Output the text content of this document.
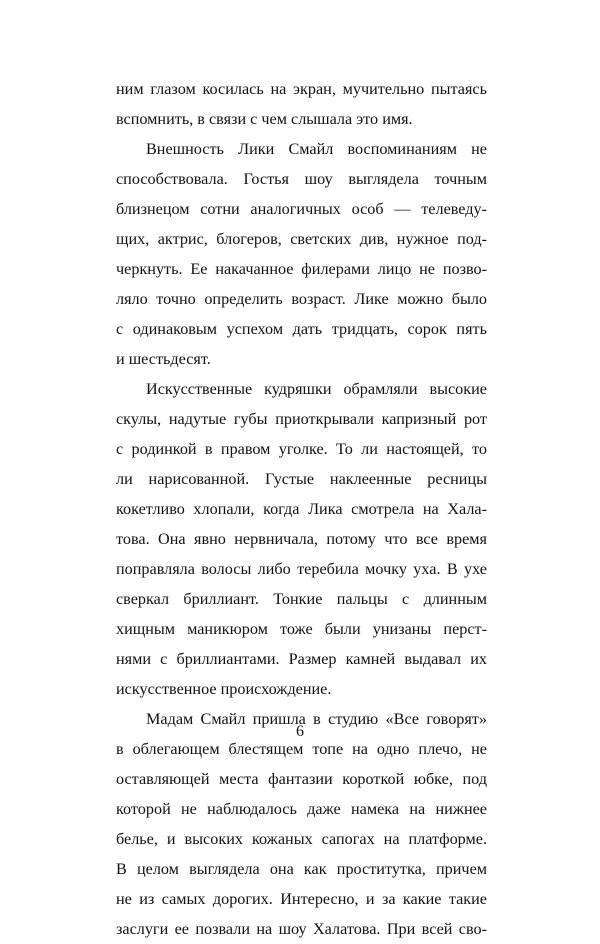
ним глазом косилась на экран, мучительно пытаясь
вспомнить, в связи с чем слышала это имя.
Внешность Лики Смайл воспоминаниям не
способствовала. Гостья шоу выглядела точным
близнецом сотни аналогичных особ — телеведу-
щих, актрис, блогеров, светских див, нужное под-
черкнуть. Ее накачанное филерами лицо не позво-
ляло точно определить возраст. Лике можно было
с одинаковым успехом дать тридцать, сорок пять
и шестьдесят.
Искусственные кудряшки обрамляли высокие
скулы, надутые губы приоткрывали капризный рот
с родинкой в правом уголке. То ли настоящей, то
ли нарисованной. Густые наклеенные ресницы
кокетливо хлопали, когда Лика смотрела на Хала-
това. Она явно нервничала, потому что все время
поправляла волосы либо теребила мочку уха. В ухе
сверкал бриллиант. Тонкие пальцы с длинным
хищным маникюром тоже были унизаны перст-
нями с бриллиантами. Размер камней выдавал их
искусственное происхождение.
Мадам Смайл пришла в студию «Все говорят»
в облегающем блестящем топе на одно плечо, не
оставляющей места фантазии короткой юбке, под
которой не наблюдалось даже намека на нижнее
белье, и высоких кожаных сапогах на платформе.
В целом выглядела она как проститутка, причем
не из самых дорогих. Интересно, и за какие такие
заслуги ее позвали на шоу Халатова. При всей сво-
6
